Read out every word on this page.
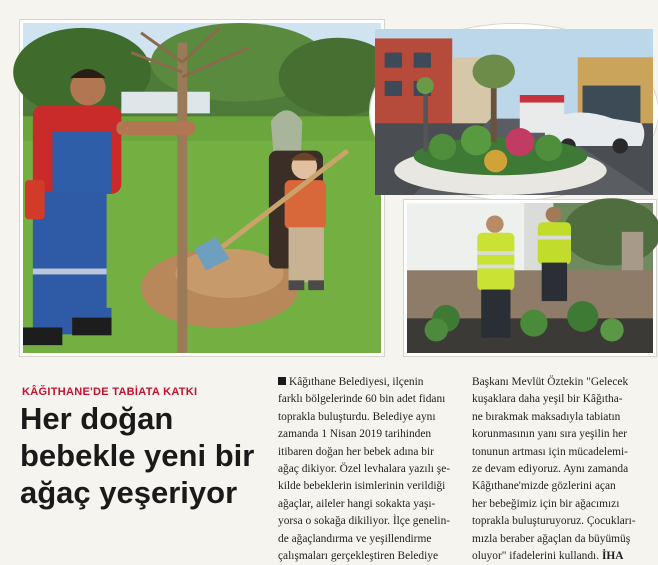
KÂĞITHANE'DE TABİATA KATKI
Her doğan
bebekle yeni bir
ağaç yeşeriyor
Kâğıthane Belediyesi, ilçenin
farklı bölgelerinde 60 bin adet fidanı
toprakla buluşturdu. Belediye aynı
zamanda 1 Nisan 2019 tarihinden
itibaren doğan her bebek adına bir
ağaç dikiyor. Özel levhalara yazılı şe-
kilde bebeklerin isimlerinin verildiği
ağaçlar, aileler hangi sokakta yaşı-
yorsa o sokağa dikiliyor. İlçe genelin-
de ağaçlandırma ve yeşillendirme
çalışmaları gerçekleştiren Belediye
Başkanı Mevlüt Öztekin "Gelecek
kuşaklara daha yeşil bir Kâğıtha-
ne bırakmak maksadıyla tabiatın
korunmasının yanı sıra yeşilin her
tonunun artması için mücadelemi-
ze devam ediyoruz. Aynı zamanda
Kâğıthane'mizde gözlerini açan
her bebeğimiz için bir ağacımızı
toprakla buluşturuyoruz. Çocukları-
mızla beraber ağaçlan da büyümüş
oluyor" ifadelerini kullandı. İHA
